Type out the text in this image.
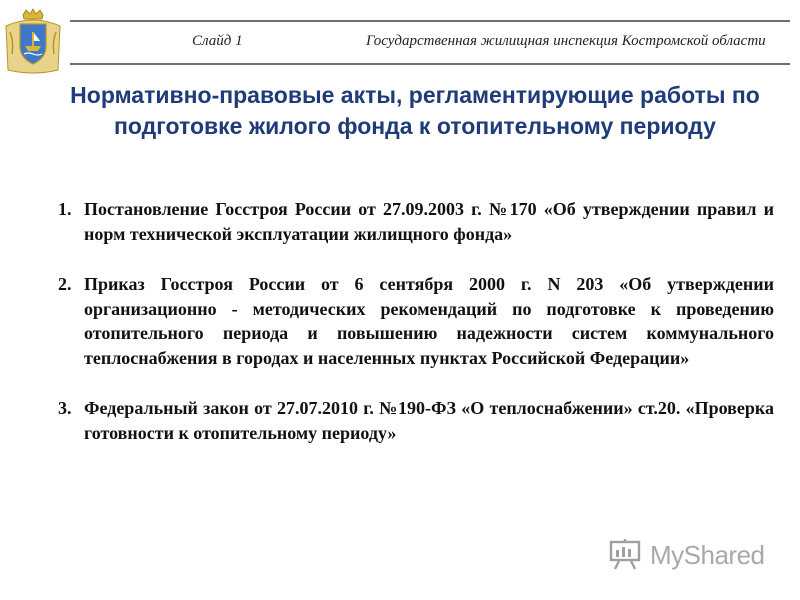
Слайд 1	Государственная жилищная инспекция Костромской области
Нормативно-правовые акты, регламентирующие работы по подготовке жилого фонда к отопительному периоду
1. Постановление Госстроя России от 27.09.2003 г. №170 «Об утверждении правил и норм технической эксплуатации жилищного фонда»
2. Приказ Госстроя России от 6 сентября 2000 г. N 203 «Об утверждении организационно - методических рекомендаций по подготовке к проведению отопительного периода и повышению надежности систем коммунального теплоснабжения в городах и населенных пунктах Российской Федерации»
3. Федеральный закон от 27.07.2010 г. №190-ФЗ «О теплоснабжении» ст.20. «Проверка готовности к отопительному периоду»
MyShared
